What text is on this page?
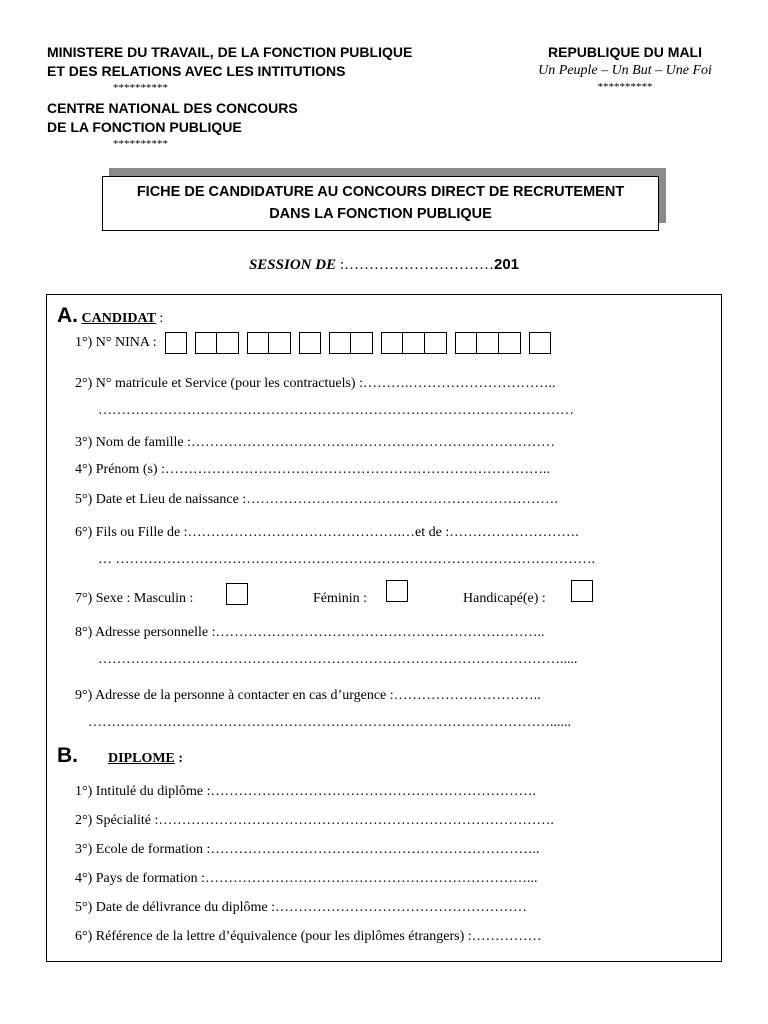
MINISTERE DU TRAVAIL, DE LA FONCTION PUBLIQUE
ET DES RELATIONS AVEC LES INTITUTIONS
**********
CENTRE NATIONAL DES CONCOURS
DE LA FONCTION PUBLIQUE
**********
REPUBLIQUE DU MALI
Un Peuple – Un But – Une Foi
**********
FICHE DE CANDIDATURE AU CONCOURS DIRECT DE RECRUTEMENT
DANS LA FONCTION PUBLIQUE
SESSION DE :…………………………201
A. CANDIDAT :
1°) N° NINA :
2°) N° matricule et Service (pour les contractuels) :……….…………………………..
…………………………………………………………………………………………
3°) Nom de famille :……………………………………………………………………
4°) Prénom (s) :………………………………………………………………………..
5°) Date et Lieu de naissance :………………………………………………………….
6°) Fils ou Fille de :……………………………………….…et de :……………………….
… ………………………………………………………………………………………….
7°) Sexe : Masculin :	Féminin :	Handicapé(e) :
8°) Adresse personnelle :……………………………………………………………..
……………………………………………………………………………………….....
9°) Adresse de la personne à contacter en cas d’urgence :…………………………..
………………………………………………………………………………………......
B. DIPLOME :
1°) Intitulé du diplôme :…………………………………………………………….
2°) Spécialité :………………………………………………………………………….
3°) Ecole de formation :……………………………………………………………..
4°) Pays de formation :……………………………………………………………...
5°) Date de délivrance du diplôme :………………………………………………
6°) Référence de la lettre d’équivalence (pour les diplômes étrangers) :……………
